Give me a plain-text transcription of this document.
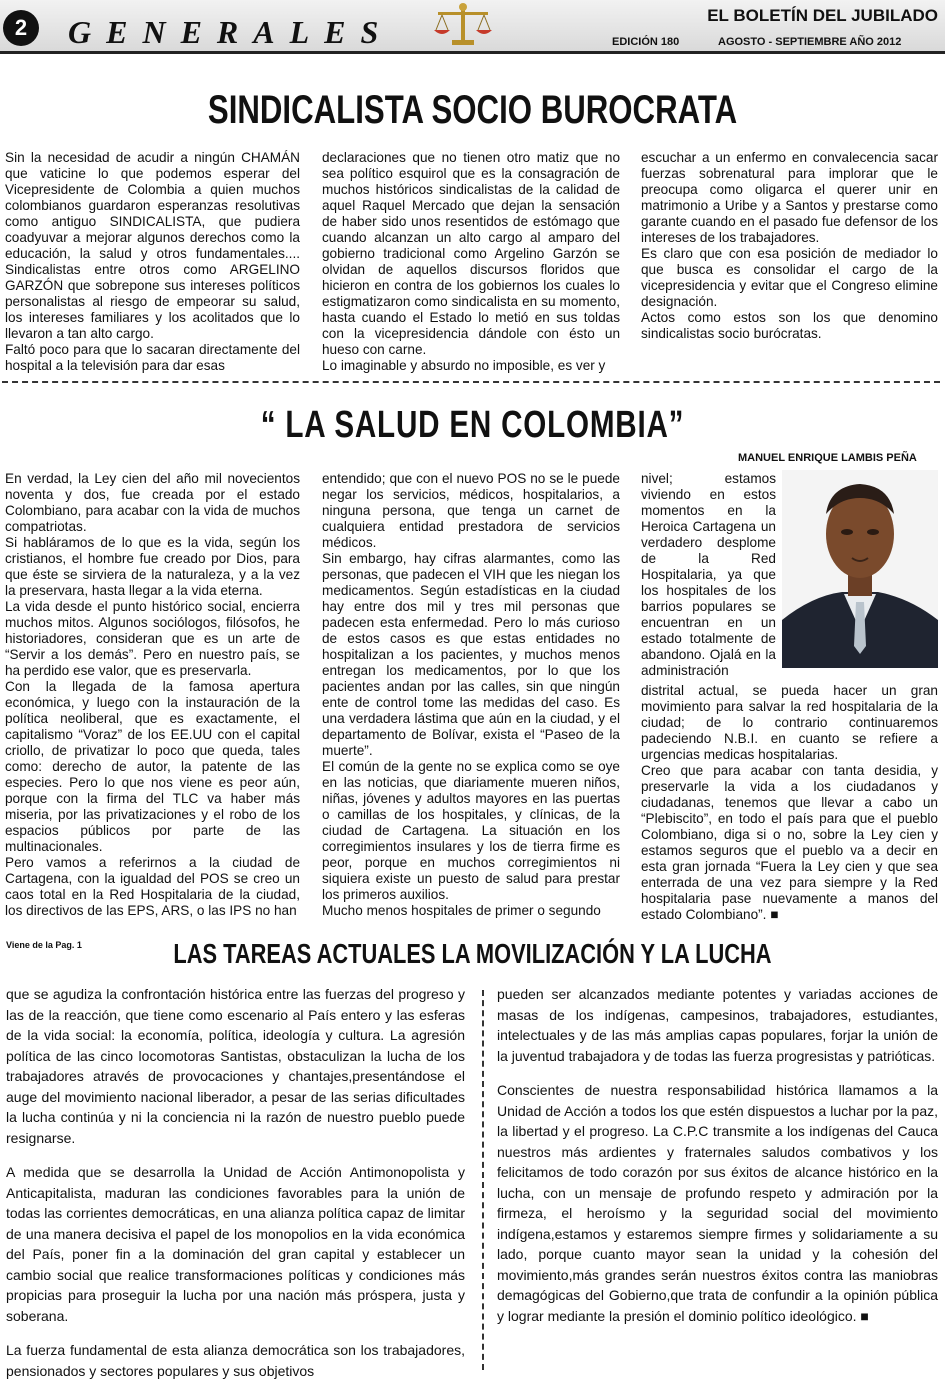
2	GENERALES	EL BOLETÍN DEL JUBILADO
EDICIÓN 180	AGOSTO - SEPTIEMBRE AÑO 2012
SINDICALISTA SOCIO BUROCRATA

Sin la necesidad de acudir a ningún CHAMÁN que vaticine lo que podemos esperar del Vicepresidente de Colombia a quien muchos colombianos guardaron esperanzas resolutivas como antiguo SINDICALISTA, que pudiera coadyuvar a mejorar algunos derechos como la educación, la salud y otros fundamentales.... Sindicalistas entre otros como ARGELINO GARZÓN que sobrepone sus intereses políticos personalistas al riesgo de empeorar su salud, los intereses familiares y los acolitados que lo llevaron a tan alto cargo.

Faltó poco para que lo sacaran directamente del hospital a la televisión para dar esas

declaraciones que no tienen otro matiz que no sea político esquirol que es la consagración de muchos históricos sindicalistas de la calidad de aquel Raquel Mercado que dejan la sensación de haber sido unos resentidos de estómago que cuando alcanzan un alto cargo al amparo del gobierno tradicional como Argelino Garzón se olvidan de aquellos discursos floridos que hicieron en contra de los gobiernos los cuales lo estigmatizaron como sindicalista en su momento, hasta cuando el Estado lo metió en sus toldas con la vicepresidencia dándole con ésto un hueso con carne.

Lo imaginable y absurdo no imposible, es ver y

escuchar a un enfermo en convalecencia sacar fuerzas sobrenatural para implorar que le preocupa como oligarca el querer unir en matrimonio a Uribe y a Santos y prestarse como garante cuando en el pasado fue defensor de los intereses de los trabajadores.

Es claro que con esa posición de mediador lo que busca es consolidar el cargo de la vicepresidencia y evitar que el Congreso elimine designación.

Actos como estos son los que denomino sindicalistas socio burócratas.

“ LA SALUD EN COLOMBIA”
MANUEL ENRIQUE LAMBIS PEÑA

En verdad, la Ley cien del año mil novecientos noventa y dos, fue creada por el estado Colombiano, para acabar con la vida de muchos compatriotas.

Si habláramos de lo que es la vida, según los cristianos, el hombre fue creado por Dios, para que éste se sirviera de la naturaleza, y a la vez la preservara, hasta llegar a la vida eterna.

La vida desde el punto histórico social, encierra muchos mitos. Algunos sociólogos, filósofos, he historiadores, consideran que es un arte de “Servir a los demás”. Pero en nuestro país, se ha perdido ese valor, que es preservarla.

Con la llegada de la famosa apertura económica, y luego con la instauración de la política neoliberal, que es exactamente, el capitalismo “Voraz” de los EE.UU con el capital criollo, de privatizar lo poco que queda, tales como: derecho de autor, la patente de las especies. Pero lo que nos viene es peor aún, porque con la firma del TLC va haber más miseria, por las privatizaciones y el robo de los espacios públicos por parte de las multinacionales.

Pero vamos a referirnos a la ciudad de Cartagena, con la igualdad del POS se creo un caos total en la Red Hospitalaria de la ciudad, los directivos de las EPS, ARS, o las IPS no han

entendido; que con el nuevo POS no se le puede negar los servicios, médicos, hospitalarios, a ninguna persona, que tenga un carnet de cualquiera entidad prestadora de servicios médicos.

Sin embargo, hay cifras alarmantes, como las personas, que padecen el VIH que les niegan los medicamentos. Según estadísticas en la ciudad hay entre dos mil y tres mil personas que padecen esta enfermedad. Pero lo más curioso de estos casos es que estas entidades no hospitalizan a los pacientes, y muchos menos entregan los medicamentos, por lo que los pacientes andan por las calles, sin que ningún ente de control tome las medidas del caso. Es una verdadera lástima que aún en la ciudad, y el departamento de Bolívar, exista el “Paseo de la muerte”.

El común de la gente no se explica como se oye en las noticias, que diariamente mueren niños, niñas, jóvenes y adultos mayores en las puertas o camillas de los hospitales, y clínicas, de la ciudad de Cartagena. La situación en los corregimientos insulares y los de tierra firme es peor, porque en muchos corregimientos ni siquiera existe un puesto de salud para prestar los primeros auxilios.

Mucho menos hospitales de primer o segundo

nivel; estamos viviendo en estos momentos en la Heroica Cartagena un verdadero desplome de la Red Hospitalaria, ya que los hospitales de los barrios populares se encuentran en un estado totalmente de abandono. Ojalá en la administración

distrital actual, se pueda hacer un gran movimiento para salvar la red hospitalaria de la ciudad; de lo contrario continuaremos padeciendo N.B.I. en cuanto se refiere a urgencias medicas hospitalarias.

Creo que para acabar con tanta desidia, y preservarle la vida a los ciudadanos y ciudadanas, tenemos que llevar a cabo un “Plebiscito”, en todo el país para que el pueblo Colombiano, diga si o no, sobre la Ley cien y estamos seguros que el pueblo va a decir en esta gran jornada “Fuera la Ley cien y que sea enterrada de una vez para siempre y la Red hospitalaria pase nuevamente a manos del estado Colombiano”. ■

Viene de la Pag. 1	LAS TAREAS ACTUALES LA MOVILIZACIÓN Y LA LUCHA

que se agudiza la confrontación histórica entre las fuerzas del progreso y las de la reacción, que tiene como escenario al País entero y las esferas de la vida social: la economía, política, ideología y cultura. La agresión política de las cinco locomotoras Santistas, obstaculizan la lucha de los trabajadores através de provocaciones y chantajes,presentándose el auge del movimiento nacional liberador, a pesar de las serias dificultades la lucha continúa y ni la conciencia ni la razón de nuestro pueblo puede resignarse.

A medida que se desarrolla la Unidad de Acción Antimonopolista y Anticapitalista, maduran las condiciones favorables para la unión de todas las corrientes democráticas, en una alianza política capaz de limitar de una manera decisiva el papel de los monopolios en la vida económica del País, poner fin a la dominación del gran capital y establecer un cambio social que realice transformaciones políticas y condiciones más propicias para proseguir la lucha por una nación más próspera, justa y soberana.

La fuerza fundamental de esta alianza democrática son los trabajadores, pensionados y sectores populares y sus objetivos

pueden ser alcanzados mediante potentes y variadas acciones de masas de los indígenas, campesinos, trabajadores, estudiantes, intelectuales y de las más amplias capas populares, forjar la unión de la juventud trabajadora y de todas las fuerza progresistas y patrióticas.

Conscientes de nuestra responsabilidad histórica llamamos a la Unidad de Acción a todos los que estén dispuestos a luchar por la paz, la libertad y el progreso. La C.P.C transmite a los indígenas del Cauca nuestros más ardientes y fraternales saludos combativos y los felicitamos de todo corazón por sus éxitos de alcance histórico en la lucha, con un mensaje de profundo respeto y admiración por la firmeza, el heroísmo y la seguridad social del movimiento indígena,estamos y estaremos siempre firmes y solidariamente a su lado, porque cuanto mayor sean la unidad y la cohesión del movimiento,más grandes serán nuestros éxitos contra las maniobras demagógicas del Gobierno,que trata de confundir a la opinión pública y lograr mediante la presión el dominio político ideológico. ■
